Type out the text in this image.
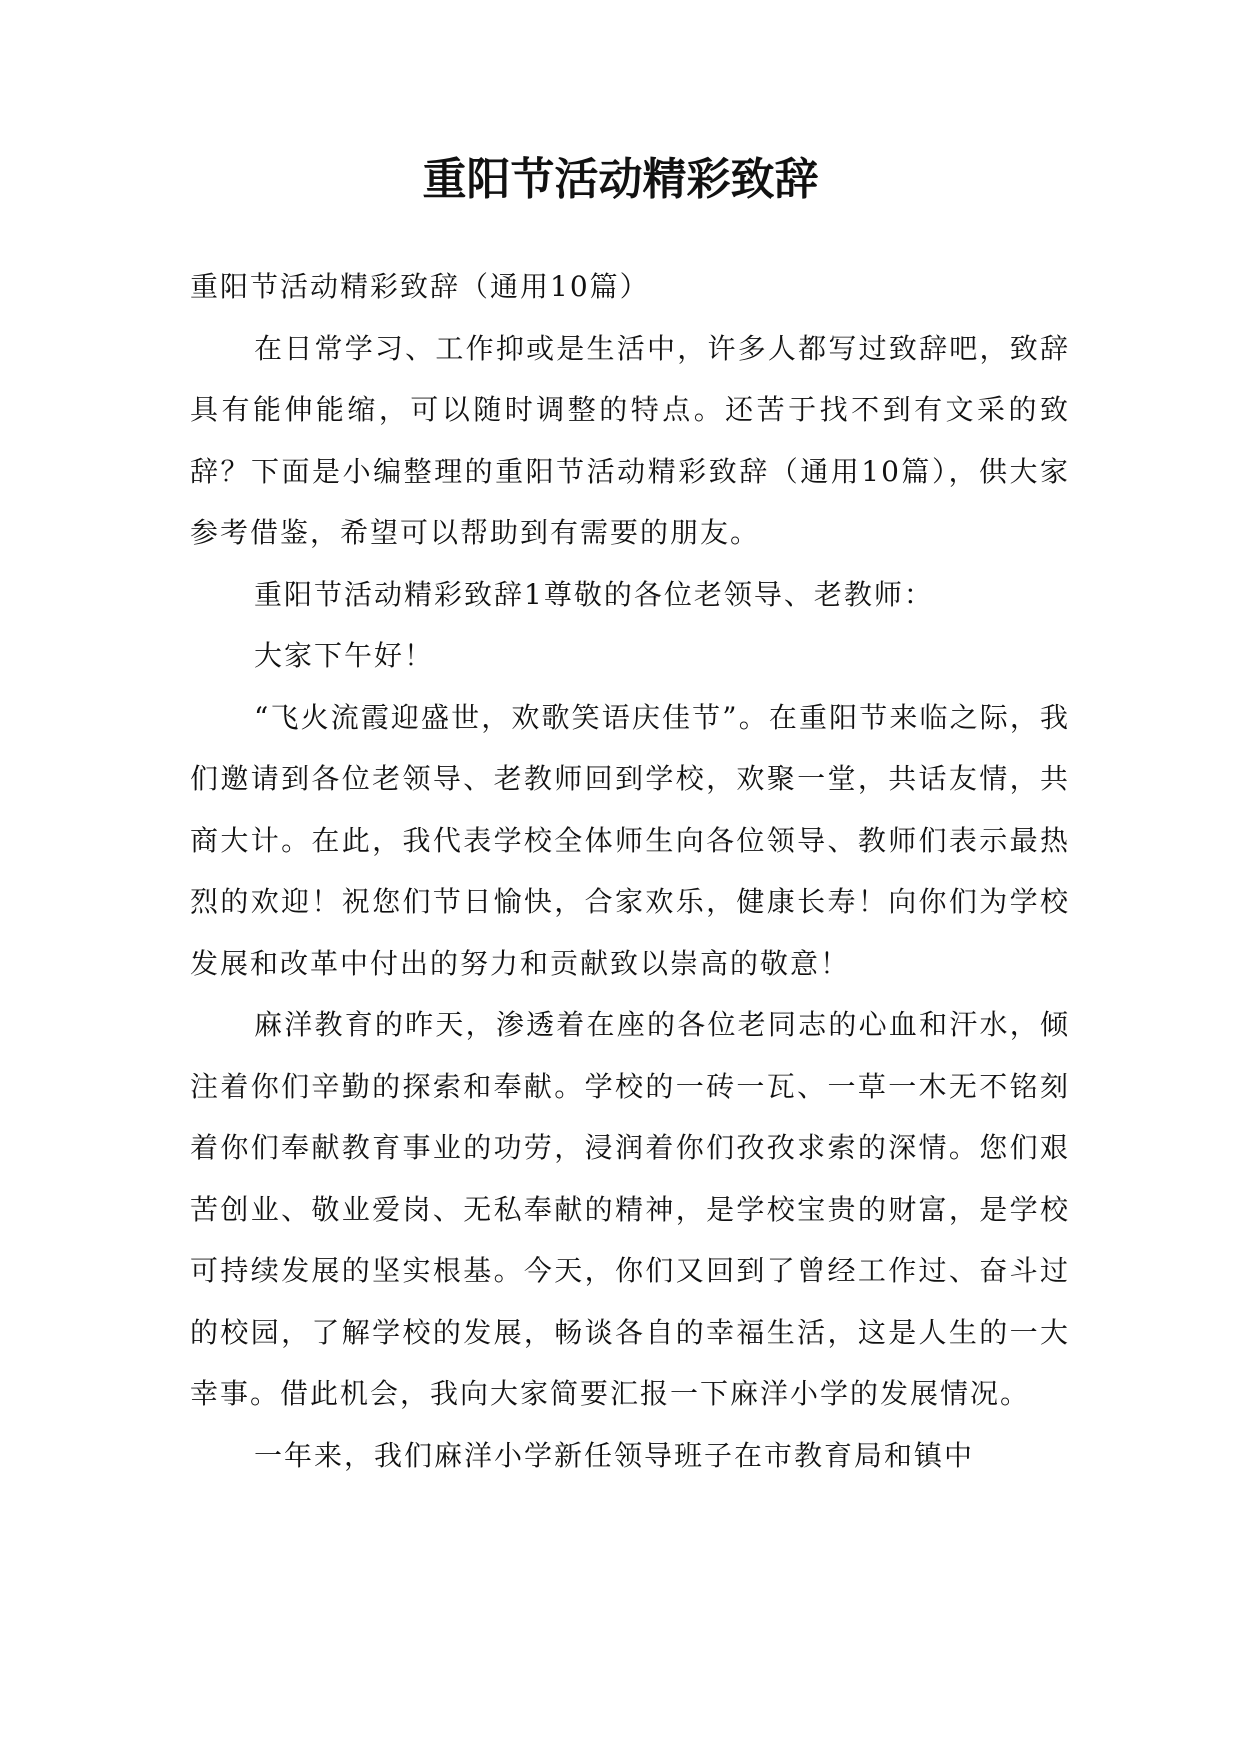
重阳节活动精彩致辞

重阳节活动精彩致辞（通用10篇）

在日常学习、工作抑或是生活中，许多人都写过致辞吧，致辞具有能伸能缩，可以随时调整的特点。还苦于找不到有文采的致辞？下面是小编整理的重阳节活动精彩致辞（通用10篇），供大家参考借鉴，希望可以帮助到有需要的朋友。

重阳节活动精彩致辞1尊敬的各位老领导、老教师：

大家下午好！

“飞火流霞迎盛世，欢歌笑语庆佳节”。在重阳节来临之际，我们邀请到各位老领导、老教师回到学校，欢聚一堂，共话友情，共商大计。在此，我代表学校全体师生向各位领导、教师们表示最热烈的欢迎！祝您们节日愉快，合家欢乐，健康长寿！向你们为学校发展和改革中付出的努力和贡献致以崇高的敬意！

麻洋教育的昨天，渗透着在座的各位老同志的心血和汗水，倾注着你们辛勤的探索和奉献。学校的一砖一瓦、一草一木无不铭刻着你们奉献教育事业的功劳，浸润着你们孜孜求索的深情。您们艰苦创业、敬业爱岗、无私奉献的精神，是学校宝贵的财富，是学校可持续发展的坚实根基。今天，你们又回到了曾经工作过、奋斗过的校园，了解学校的发展，畅谈各自的幸福生活，这是人生的一大幸事。借此机会，我向大家简要汇报一下麻洋小学的发展情况。

一年来，我们麻洋小学新任领导班子在市教育局和镇中
